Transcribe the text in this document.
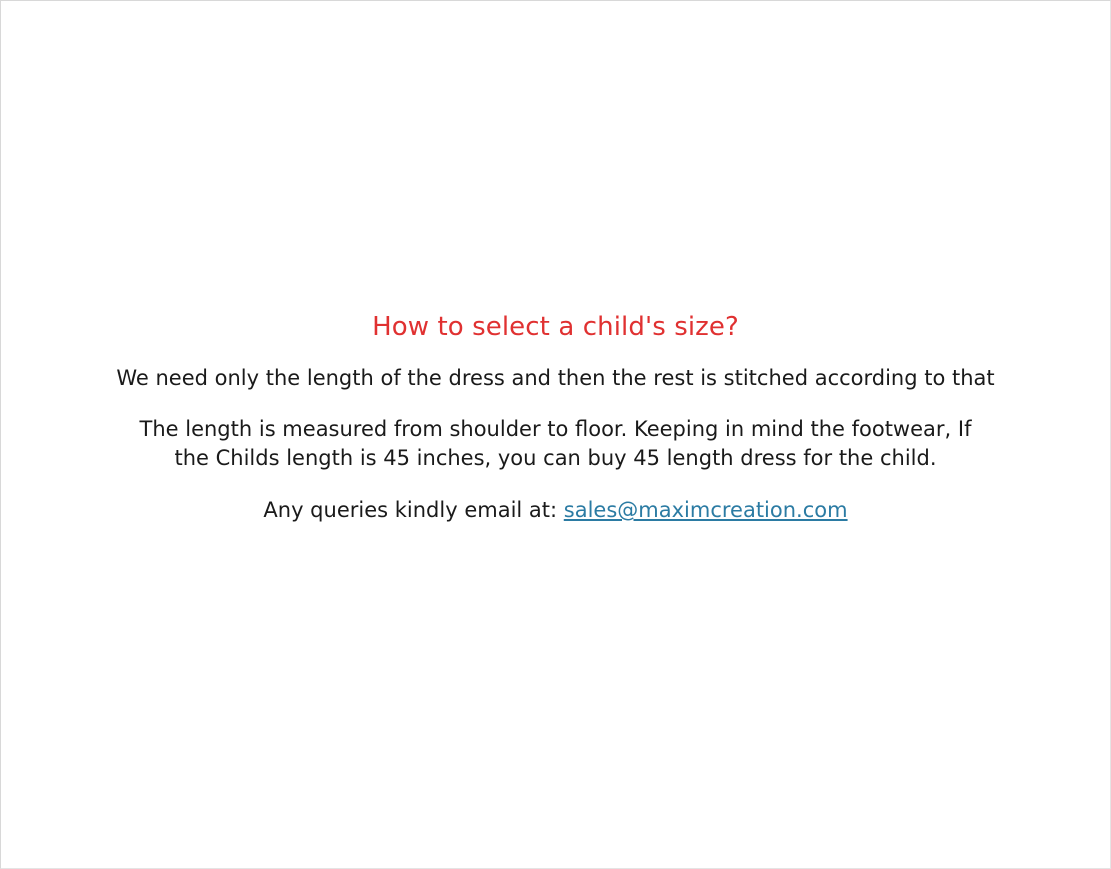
How to select a child's size?

We need only the length of the dress and then the rest is stitched according to that

The length is measured from shoulder to floor. Keeping in mind the footwear, If the Childs length is 45 inches, you can buy 45 length dress for the child.

Any queries kindly email at: sales@maximcreation.com
